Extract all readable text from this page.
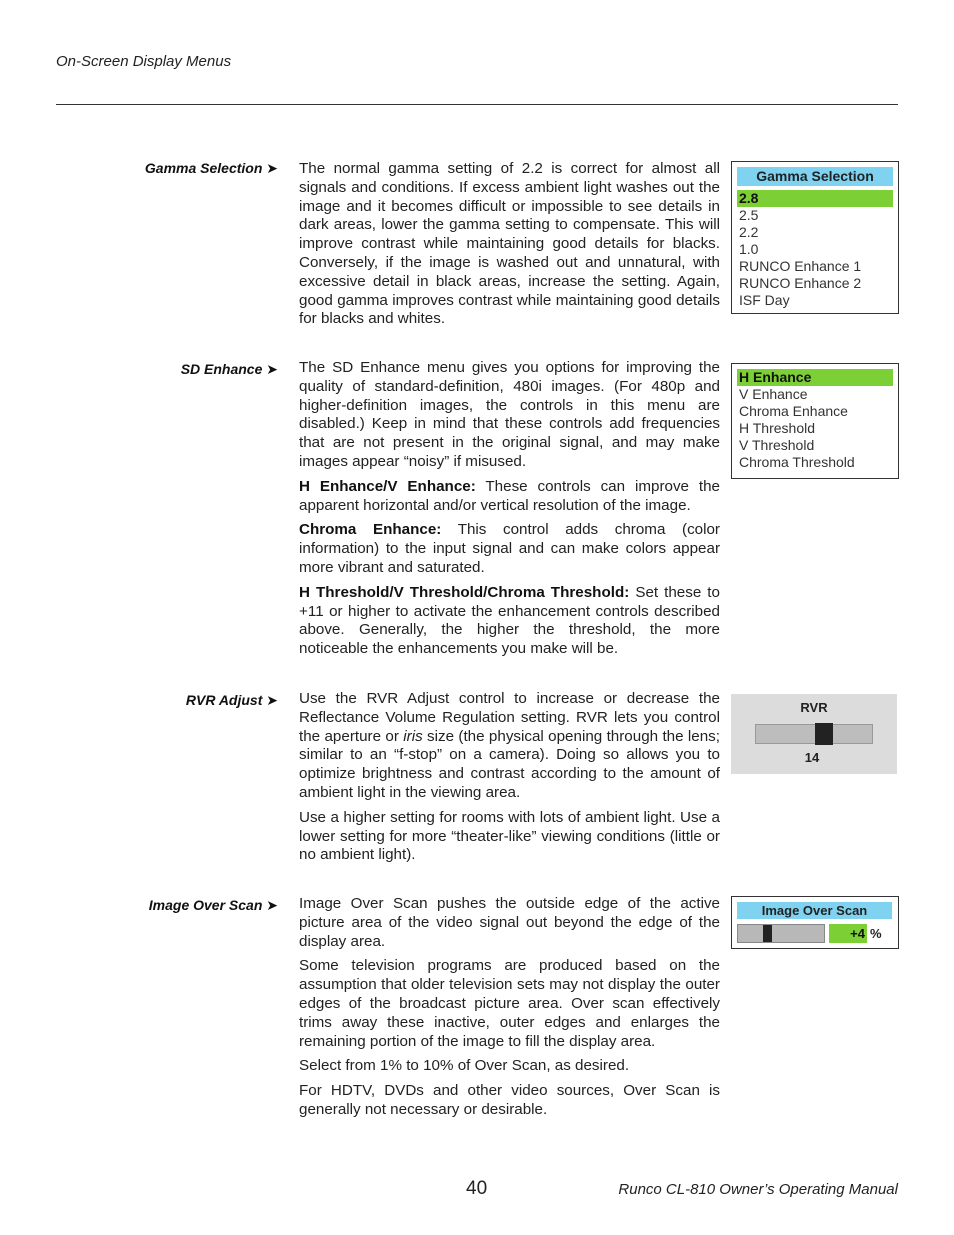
On-Screen Display Menus
Gamma Selection ➤ The normal gamma setting of 2.2 is correct for almost all signals and conditions. If excess ambient light washes out the image and it becomes difficult or impossible to see details in dark areas, lower the gamma setting to compensate. This will improve contrast while maintaining good details for blacks. Conversely, if the image is washed out and unnatural, with excessive detail in black areas, increase the setting. Again, good gamma improves contrast while maintaining good details for blacks and whites.

Gamma Selection
2.8
2.5
2.2
1.0
RUNCO Enhance 1
RUNCO Enhance 2
ISF Day
SD Enhance ➤ The SD Enhance menu gives you options for improving the quality of standard-definition, 480i images. (For 480p and higher-definition images, the controls in this menu are disabled.) Keep in mind that these controls add frequencies that are not present in the original signal, and may make images appear “noisy” if misused.

H Enhance/V Enhance: These controls can improve the apparent horizontal and/or vertical resolution of the image.

Chroma Enhance: This control adds chroma (color information) to the input signal and can make colors appear more vibrant and saturated.

H Threshold/V Threshold/Chroma Threshold: Set these to +11 or higher to activate the enhancement controls described above. Generally, the higher the threshold, the more noticeable the enhancements you make will be.

H Enhance
V Enhance
Chroma Enhance
H Threshold
V Threshold
Chroma Threshold
RVR Adjust ➤ Use the RVR Adjust control to increase or decrease the Reflectance Volume Regulation setting. RVR lets you control the aperture or iris size (the physical opening through the lens; similar to an “f-stop” on a camera). Doing so allows you to optimize brightness and contrast according to the amount of ambient light in the viewing area.

Use a higher setting for rooms with lots of ambient light. Use a lower setting for more “theater-like” viewing conditions (little or no ambient light).

RVR
14
Image Over Scan ➤ Image Over Scan pushes the outside edge of the active picture area of the video signal out beyond the edge of the display area.

Some television programs are produced based on the assumption that older television sets may not display the outer edges of the broadcast picture area. Over scan effectively trims away these inactive, outer edges and enlarges the remaining portion of the image to fill the display area.

Select from 1% to 10% of Over Scan, as desired.

For HDTV, DVDs and other video sources, Over Scan is generally not necessary or desirable.

Image Over Scan
+4 %
40	Runco CL-810 Owner’s Operating Manual
